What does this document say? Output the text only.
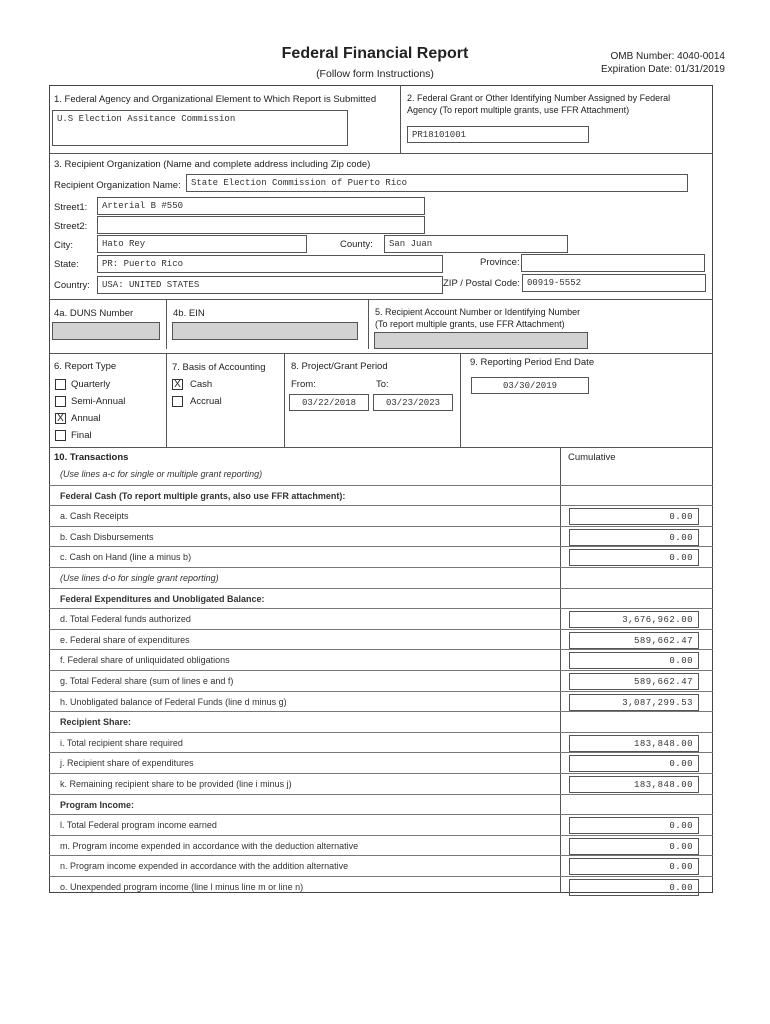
Federal Financial Report
(Follow form Instructions)
OMB Number: 4040-0014
Expiration Date: 01/31/2019
1. Federal Agency and Organizational Element to Which Report is Submitted
U.S Election Assitance Commission
2. Federal Grant or Other Identifying Number Assigned by Federal
Agency (To report multiple grants, use FFR Attachment)
PR18101001
3. Recipient Organization (Name and complete address including Zip code)
Recipient Organization Name:	State Election Commission of Puerto Rico
Street1:	Arterial B #550
Street2:
City:	Hato Rey	County:	San Juan
State:	PR: Puerto Rico	Province:
Country:	USA: UNITED STATES	ZIP / Postal Code: 00919-5552
4a. DUNS Number	4b. EIN	5. Recipient Account Number or Identifying Number
(To report multiple grants, use FFR Attachment)
6. Report Type
Quarterly
Semi-Annual
X Annual
Final
7. Basis of Accounting
X Cash
Accrual
8. Project/Grant Period
From:	To:
03/22/2018	03/23/2023
9. Reporting Period End Date
03/30/2019
10. Transactions	Cumulative
(Use lines a-c for single or multiple grant reporting)
Federal Cash (To report multiple grants, also use FFR attachment):
a. Cash Receipts	0.00
b. Cash Disbursements	0.00
c. Cash on Hand (line a minus b)	0.00
(Use lines d-o for single grant reporting)
Federal Expenditures and Unobligated Balance:
d. Total Federal funds authorized	3,676,962.00
e. Federal share of expenditures	589,662.47
f. Federal share of unliquidated obligations	0.00
g. Total Federal share (sum of lines e and f)	589,662.47
h. Unobligated balance of Federal Funds (line d minus g)	3,087,299.53
Recipient Share:
i. Total recipient share required	183,848.00
j. Recipient share of expenditures	0.00
k. Remaining recipient share to be provided (line i minus j)	183,848.00
Program Income:
l. Total Federal program income earned	0.00
m. Program income expended in accordance with the deduction alternative	0.00
n. Program income expended in accordance with the addition alternative	0.00
o. Unexpended program income (line l minus line m or line n)	0.00
